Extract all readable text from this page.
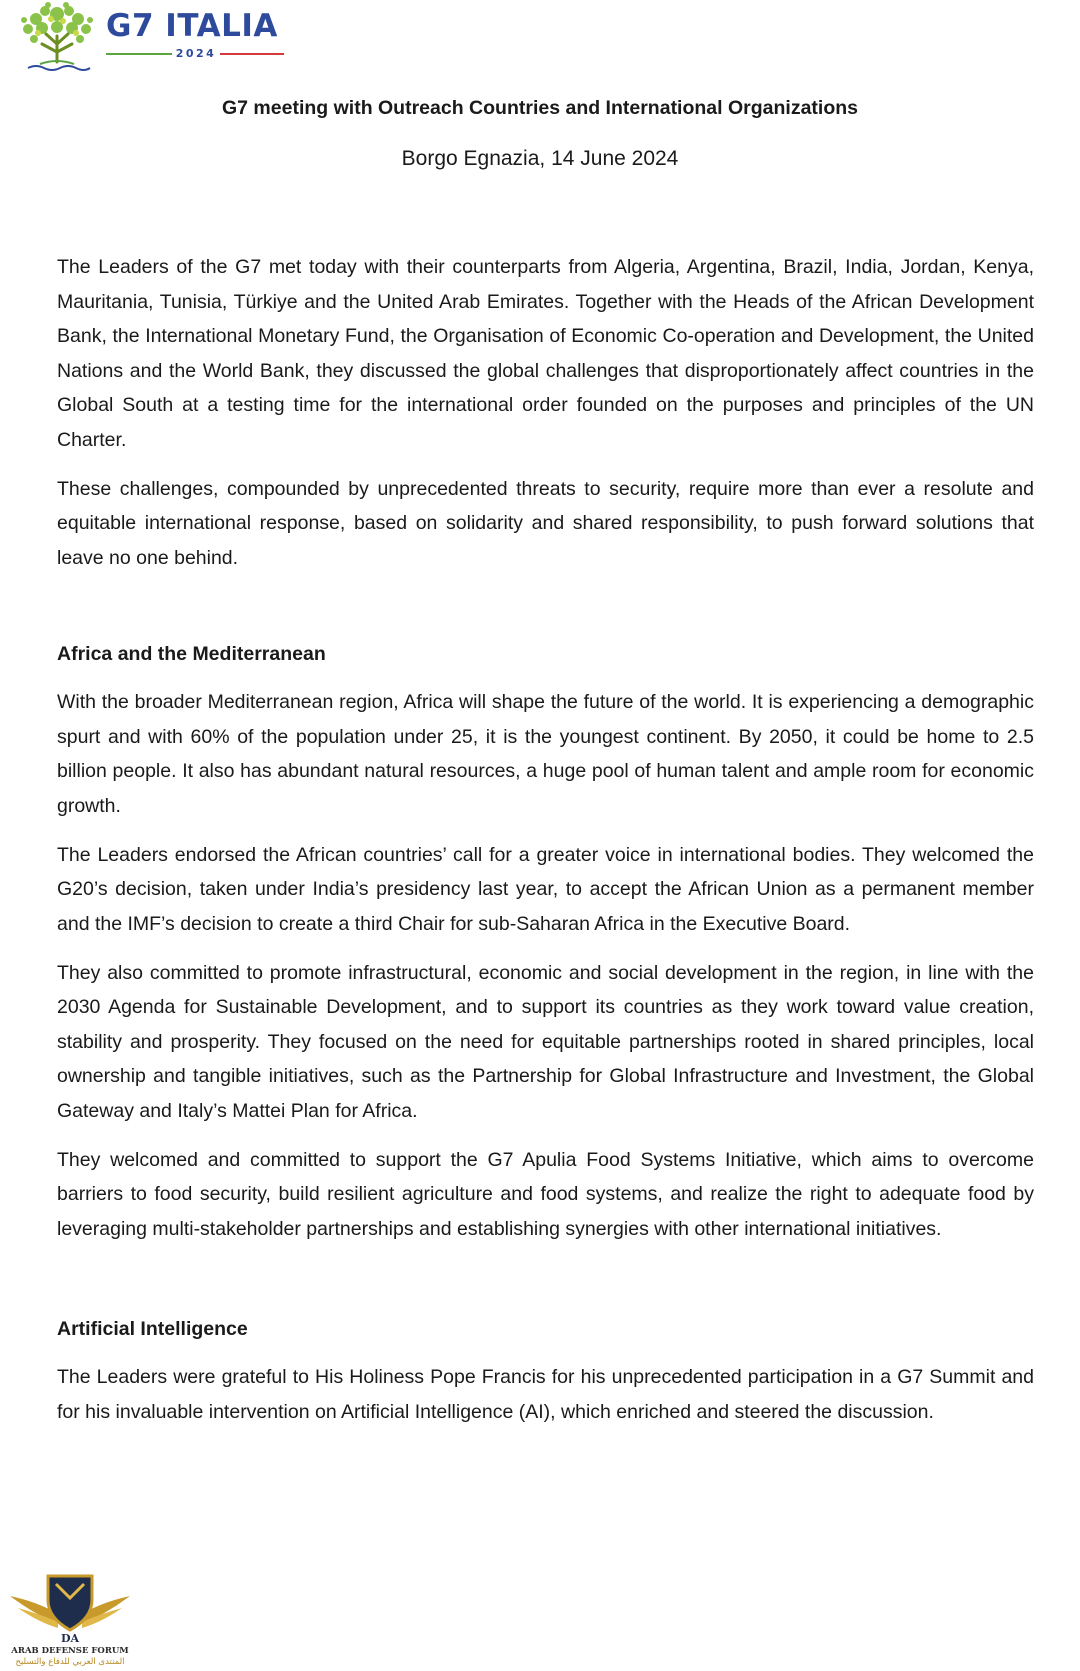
G7 ITALIA
2024
G7 meeting with Outreach Countries and International Organizations
Borgo Egnazia, 14 June 2024

The Leaders of the G7 met today with their counterparts from Algeria, Argentina, Brazil, India, Jordan, Kenya, Mauritania, Tunisia, Türkiye and the United Arab Emirates. Together with the Heads of the African Development Bank, the International Monetary Fund, the Organisation of Economic Co-operation and Development, the United Nations and the World Bank, they discussed the global challenges that disproportionately affect countries in the Global South at a testing time for the international order founded on the purposes and principles of the UN Charter.

These challenges, compounded by unprecedented threats to security, require more than ever a resolute and equitable international response, based on solidarity and shared responsibility, to push forward solutions that leave no one behind.

Africa and the Mediterranean

With the broader Mediterranean region, Africa will shape the future of the world. It is experiencing a demographic spurt and with 60% of the population under 25, it is the youngest continent. By 2050, it could be home to 2.5 billion people. It also has abundant natural resources, a huge pool of human talent and ample room for economic growth.

The Leaders endorsed the African countries’ call for a greater voice in international bodies. They welcomed the G20’s decision, taken under India’s presidency last year, to accept the African Union as a permanent member and the IMF’s decision to create a third Chair for sub-Saharan Africa in the Executive Board.

They also committed to promote infrastructural, economic and social development in the region, in line with the 2030 Agenda for Sustainable Development, and to support its countries as they work toward value creation, stability and prosperity. They focused on the need for equitable partnerships rooted in shared principles, local ownership and tangible initiatives, such as the Partnership for Global Infrastructure and Investment, the Global Gateway and Italy’s Mattei Plan for Africa.

They welcomed and committed to support the G7 Apulia Food Systems Initiative, which aims to overcome barriers to food security, build resilient agriculture and food systems, and realize the right to adequate food by leveraging multi-stakeholder partnerships and establishing synergies with other international initiatives.

Artificial Intelligence

The Leaders were grateful to His Holiness Pope Francis for his unprecedented participation in a G7 Summit and for his invaluable intervention on Artificial Intelligence (AI), which enriched and steered the discussion.

DA
ARAB DEFENSE FORUM
المنتدى العربي للدفاع والتسليح
